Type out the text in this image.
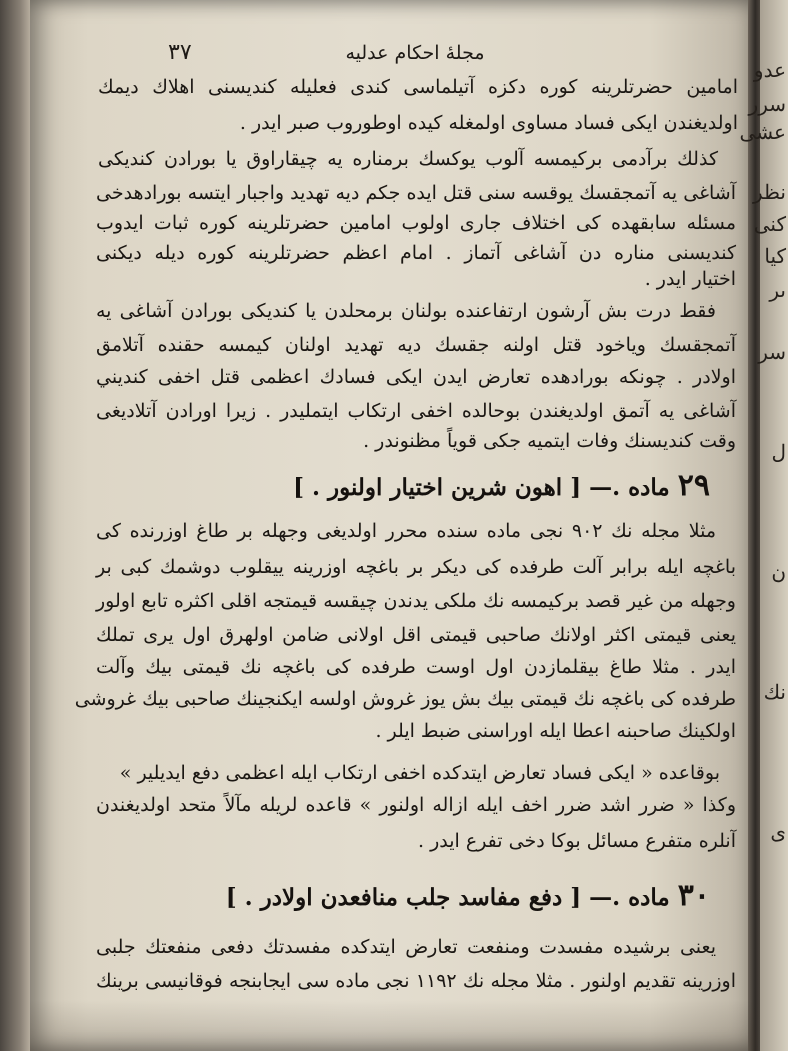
عدو
سرر
عشى
نظر
كنى
كيا
ىر
سر
ل
ن
نك
ى
٣٧	مجلهٔ احكام عدليه
امامين حضرتلرينه كوره دكزه آتيلماسى كندى فعليله كنديسنى اهلاك ديمك
اولديغندن ايكى فساد مساوى اولمغله كيده اوطوروب صبر ايدر .
كذلك برآدمى بركيمسه آلوب يوكسك برمناره يه چيقاراوق يا بورادن كنديكى
آشاغى يه آتمجقسك يوقسه سنى قتل ايده جكم ديه تهديد واجبار ايتسه بورادهدخى
مسئله سابقهده كى اختلاف جارى اولوب امامين حضرتلرينه كوره ثبات ايدوب
كنديسنى مناره دن آشاغى آتماز . امام اعظم حضرتلرينه كوره ديله ديكنى
اختيار ايدر .
فقط درت بش آرشون ارتفاعنده بولنان برمحلدن يا كنديكى بورادن آشاغى يه
آتمجقسك وياخود قتل اولنه جقسك ديه تهديد اولنان كيمسه حقنده آتلامق
اولادر . چونكه بورادهده تعارض ايدن ايكى فسادك اعظمى قتل اخفى كنديني
آشاغى يه آتمق اولديغندن بوحالده اخفى ارتكاب ايتمليدر . زيرا اورادن آتلاديغى
وقت كنديسنك وفات ايتميه جكى قوياً مظنوندر .
٢٩ ماده .— [ اهون شرين اختيار اولنور . ]
مثلا مجله نك ٩٠٢ نجى ماده سنده محرر اولديغى وجهله بر طاغ اوزرنده كى
باغچه ايله برابر آلت طرفده كى ديكر بر باغچه اوزرينه ييقلوب دوشمك كبى بر
وجهله من غير قصد بركيمسه نك ملكى يدندن چيقسه قيمتجه اقلى اكثره تابع اولور
يعنى قيمتى اكثر اولانك صاحبى قيمتى اقل اولانى ضامن اولهرق اول يرى تملك
ايدر . مثلا طاغ بيقلمازدن اول اوست طرفده كى باغچه نك قيمتى بيك وآلت
طرفده كى باغچه نك قيمتى بيك بش يوز غروش اولسه ايكنجينك صاحبى بيك غروشى
اولكينك صاحبنه اعطا ايله اوراسنى ضبط ايلر .
بوقاعده « ايكى فساد تعارض ايتدكده اخفى ارتكاب ايله اعظمى دفع ايديلير »
وكذا « ضرر اشد ضرر اخف ايله ازاله اولنور » قاعده لريله مآلاً متحد اولديغندن
آنلره متفرع مسائل بوكا دخى تفرع ايدر .
٣٠ ماده .— [ دفع مفاسد جلب منافعدن اولادر . ]
يعنى برشيده مفسدت ومنفعت تعارض ايتدكده مفسدتك دفعى منفعتك جلبى
اوزرينه تقديم اولنور . مثلا مجله نك ١١٩٢ نجى ماده سى ايجابنجه فوقانيسى برينك
